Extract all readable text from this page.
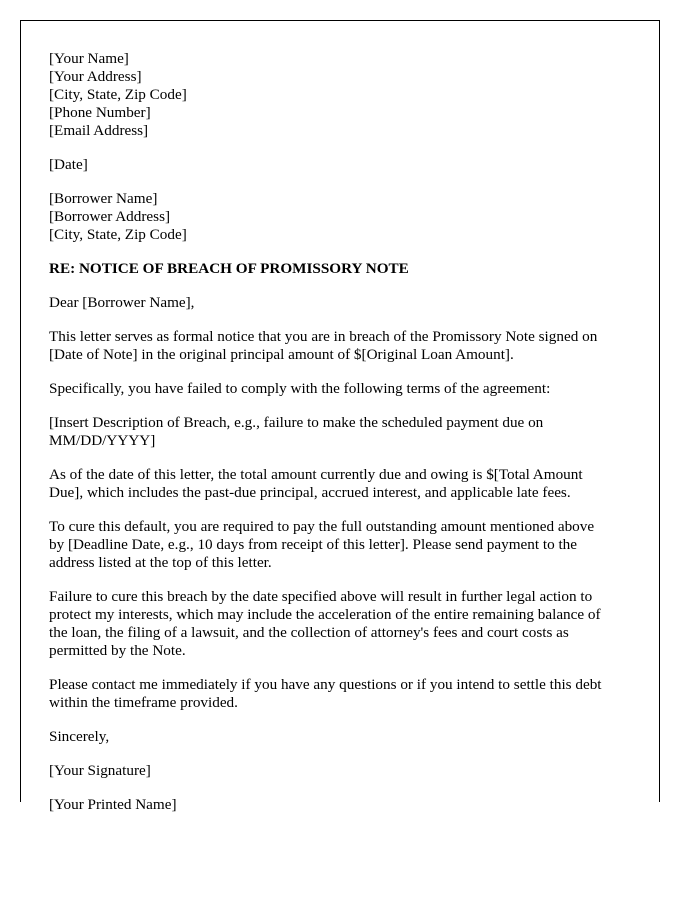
[Your Name]
[Your Address]
[City, State, Zip Code]
[Phone Number]
[Email Address]
[Date]
[Borrower Name]
[Borrower Address]
[City, State, Zip Code]
RE: NOTICE OF BREACH OF PROMISSORY NOTE
Dear [Borrower Name],
This letter serves as formal notice that you are in breach of the Promissory Note signed on
[Date of Note] in the original principal amount of $[Original Loan Amount].
Specifically, you have failed to comply with the following terms of the agreement:
[Insert Description of Breach, e.g., failure to make the scheduled payment due on
MM/DD/YYYY]
As of the date of this letter, the total amount currently due and owing is $[Total Amount
Due], which includes the past-due principal, accrued interest, and applicable late fees.
To cure this default, you are required to pay the full outstanding amount mentioned above
by [Deadline Date, e.g., 10 days from receipt of this letter]. Please send payment to the
address listed at the top of this letter.
Failure to cure this breach by the date specified above will result in further legal action to
protect my interests, which may include the acceleration of the entire remaining balance of
the loan, the filing of a lawsuit, and the collection of attorney's fees and court costs as
permitted by the Note.
Please contact me immediately if you have any questions or if you intend to settle this debt
within the timeframe provided.
Sincerely,
[Your Signature]
[Your Printed Name]
